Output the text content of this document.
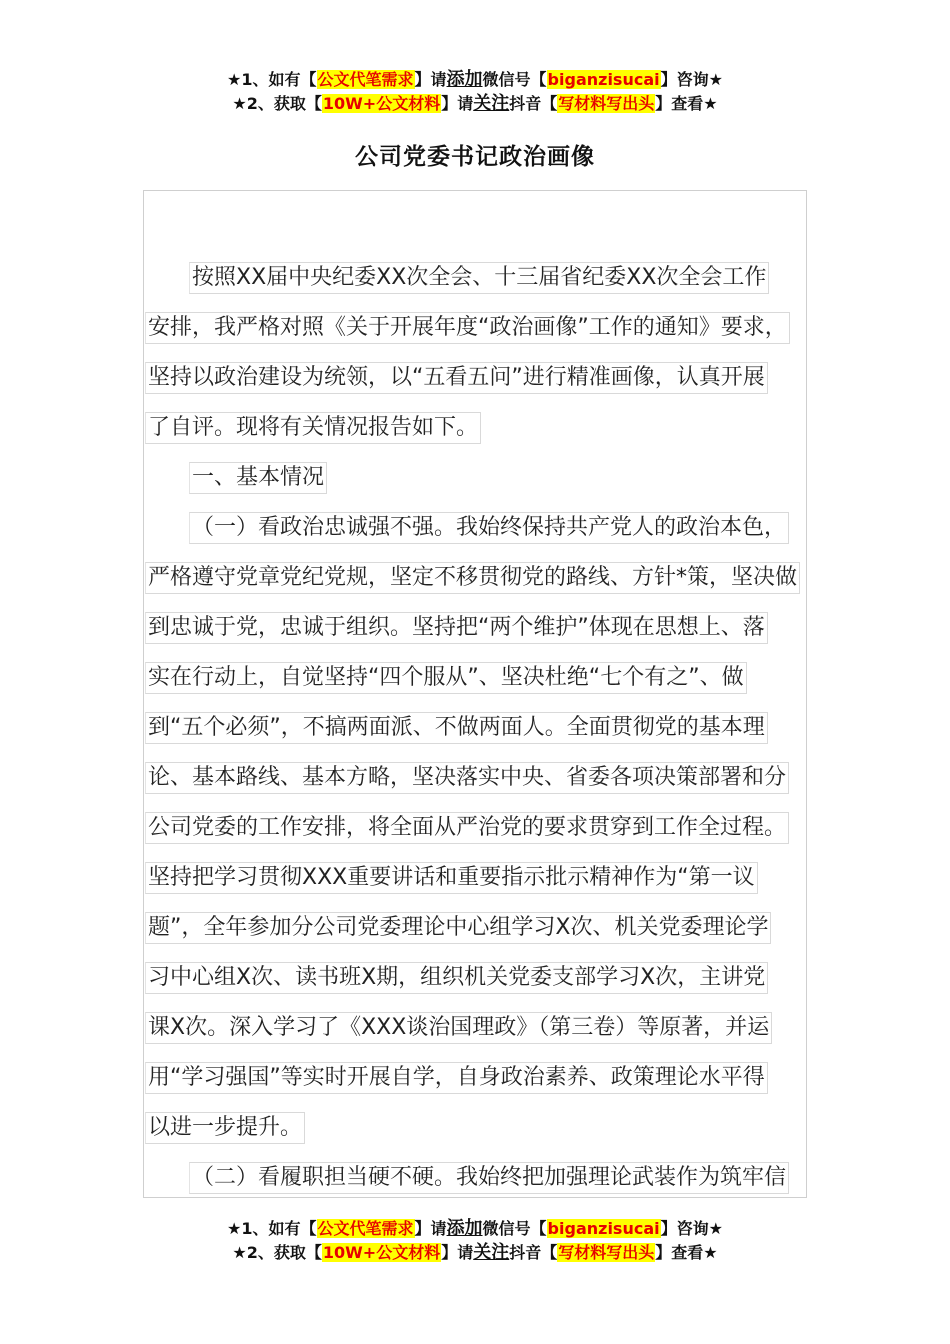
★1、如有【公文代笔需求】请添加微信号【biganzisucai】咨询★
★2、获取【10W+公文材料】请关注抖音【写材料写出头】查看★
公司党委书记政治画像
按照XX届中央纪委XX次全会、十三届省纪委XX次全会工作
安排，我严格对照《关于开展年度“政治画像”工作的通知》要求，
坚持以政治建设为统领，以“五看五问”进行精准画像，认真开展
了自评。现将有关情况报告如下。
一、基本情况
（一）看政治忠诚强不强。我始终保持共产党人的政治本色，
严格遵守党章党纪党规，坚定不移贯彻党的路线、方针*策，坚决做
到忠诚于党，忠诚于组织。坚持把“两个维护”体现在思想上、落
实在行动上，自觉坚持“四个服从”、坚决杜绝“七个有之”、做
到“五个必须”，不搞两面派、不做两面人。全面贯彻党的基本理
论、基本路线、基本方略，坚决落实中央、省委各项决策部署和分
公司党委的工作安排，将全面从严治党的要求贯穿到工作全过程。
坚持把学习贯彻XXX重要讲话和重要指示批示精神作为“第一议
题”，全年参加分公司党委理论中心组学习X次、机关党委理论学
习中心组X次、读书班X期，组织机关党委支部学习X次，主讲党
课X次。深入学习了《XXX谈治国理政》（第三卷）等原著，并运
用“学习强国”等实时开展自学，自身政治素养、政策理论水平得
以进一步提升。
（二）看履职担当硬不硬。我始终把加强理论武装作为筑牢信
★1、如有【公文代笔需求】请添加微信号【biganzisucai】咨询★
★2、获取【10W+公文材料】请关注抖音【写材料写出头】查看★
